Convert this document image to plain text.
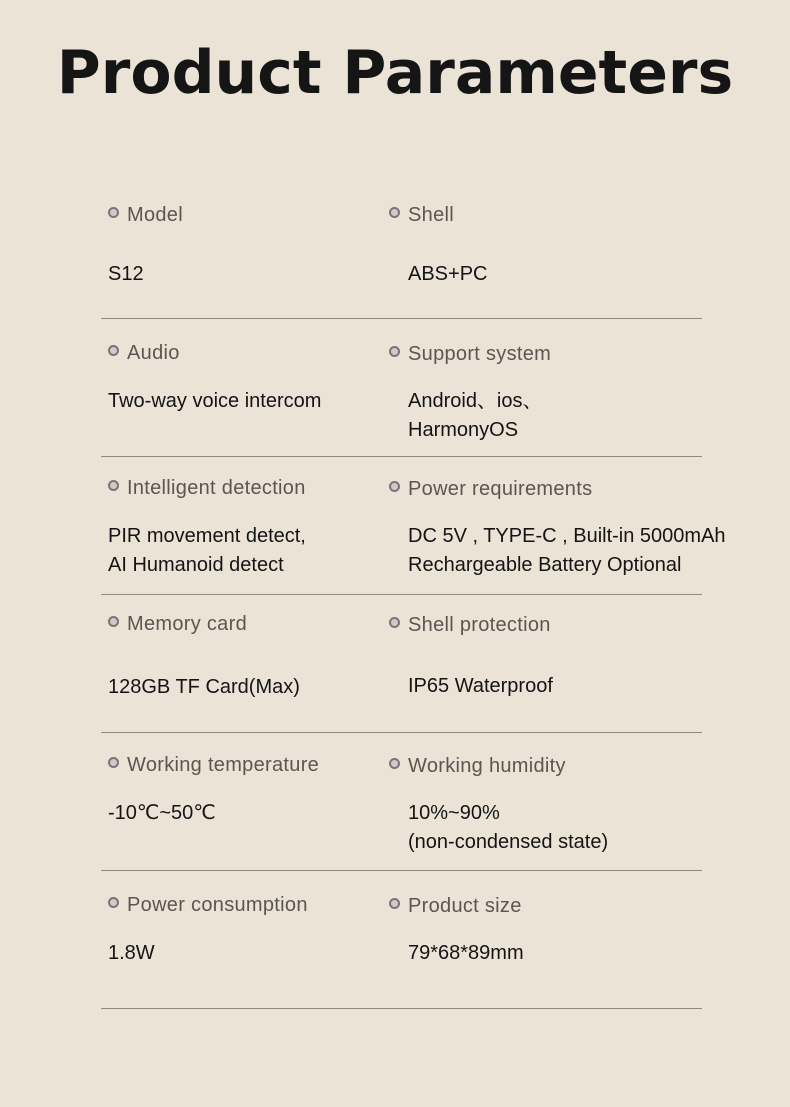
Product Parameters
Model
S12
Shell
ABS+PC
Audio
Two-way voice intercom
Support system
Android、ios、
HarmonyOS
Intelligent detection
PIR movement detect,
AI Humanoid detect
Power requirements
DC 5V , TYPE-C , Built-in 5000mAh
Rechargeable Battery Optional
Memory card
128GB TF Card(Max)
Shell protection
IP65 Waterproof
Working temperature
-10℃~50℃
Working humidity
10%~90%
(non-condensed state)
Power consumption
1.8W
Product size
79*68*89mm
